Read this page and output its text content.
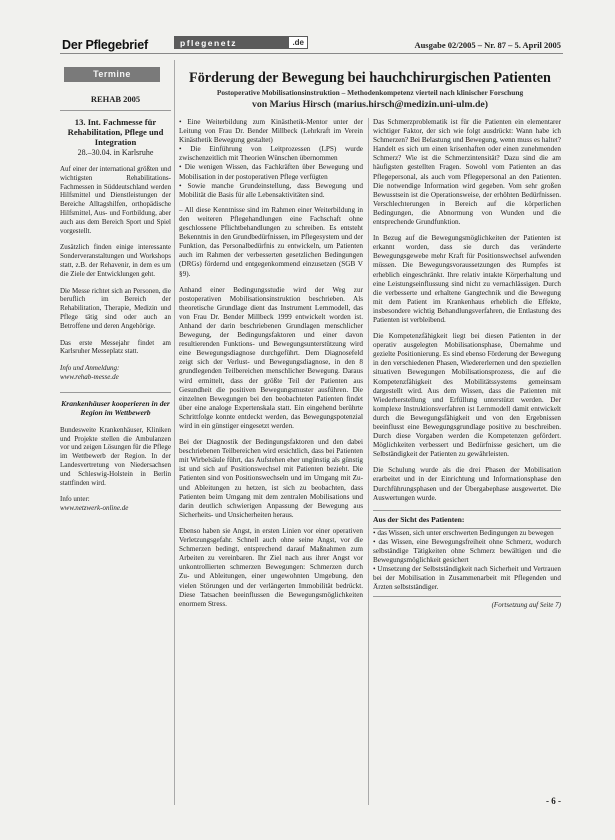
Der Pflegebrief	pflegenetz	.de	Ausgabe 02/2005 – Nr. 87 – 5. April 2005
Termine
REHAB 2005
13. Int. Fachmesse für Rehabilitation, Pflege und Integration
28.–30.04. in Karlsruhe

Auf einer der international größten und wichtigsten Rehabilitations-Fachmessen in Süddeutschland werden Hilfsmittel und Dienstleistungen der Bereiche Alltagshilfen, orthopädische Hilfsmittel, Aus- und Fortbildung, aber auch aus dem Bereich Sport und Spiel vorgestellt.

Zusätzlich finden einige interessante Sonderveranstaltungen und Workshops statt, z.B. der Rehavenir, in dem es um die Ziele der Entwicklungen geht.

Die Messe richtet sich an Personen, die beruflich im Bereich der Rehabilitation, Therapie, Medizin und Pflege tätig sind oder auch an Betroffene und deren Angehörige.

Das erste Messejahr findet am Karlsruher Messeplatz statt.

Info und Anmeldung:

www.rehab-messe.de

Krankenhäuser kooperieren in der Region im Wettbewerb

Bundesweite Krankenhäuser, Kliniken und Projekte stellen die Ambulanzen vor und zeigen Lösungen für die Pflege im Wettbewerb der Region. In der Landesvertretung von Niedersachsen und Schleswig-Holstein in Berlin stattfinden wird.

Info unter:

www.netzwerk-online.de

Förderung der Bewegung bei hauchchirurgischen Patienten
Postoperative Mobilisationsinstruktion – Methodenkompetenz vierteil nach klinischer Forschung
von Marius Hirsch (marius.hirsch@medizin.uni-ulm.de)

• Eine Weiterbildung zum Kinästhetik-Mentor unter der Leitung von Frau Dr. Bender Millbeck (Lehrkraft im Verein Kinästhetik Bewegung gestaltet)

• Die Einführung von Leitprozessen (LPS) wurde zwischenzeitlich mit Theorien Wünschen übernommen

• Die wenigen Wissen, das Fachkräften über Bewegung und Mobilisation in der postoperativen Pflege verfügten

• Sowie manche Grundeinstellung, dass Bewegung und Mobilität die Basis für alle Lebensaktivitäten sind.

– All diese Kenntnisse sind im Rahmen einer Weiterbildung in den weiteren Pflegehandlungen eine Fachschaft ohne geschlossene Pflichtbehandlungen zu schreiben. Es entsteht Bekenntnis in den Grundbedürfnissen, im Pflegesystem und der Funktion, das Personalbedürfnis zu entwickeln, um Patienten auch im Rahmen der verbesserten gesetzlichen Bedingungen (DRGs) fördernd und entgegenkommend einzusetzen (SGB V §9).

Anhand einer Bedingungsstudie wird der Weg zur postoperativen Mobilisationsinstruktion beschrieben. Als theoretische Grundlage dient das Instrument Lernmodell, das von Frau Dr. Bender Millbeck 1999 entwickelt worden ist. Anhand der darin beschriebenen Grundlagen menschlicher Bewegung, der Bedingungsfaktoren und einer davon resultierenden Funktions- und Bewegungsunterstützung wird eine Bewegungsdiagnose durchgeführt. Dem Diagnosefeld zeigt sich der Verlust- und Bewegungsdiagnose, in den 8 grundlegenden Teilbereichen menschlicher Bewegung. Daraus wird ermittelt, dass der größte Teil der Patienten aus Gesundheit die positiven Bewegungsmuster ausführen. Die einzelnen Bewegungen bei den beobachteten Patienten findet über eine analoge Expertenskala statt. Ein eingehend berührte Schrittfolge konnte entdeckt werden, das Bewegungspotenzial wird in ein günstiger eingesetzt werden.

Bei der Diagnostik der Bedingungsfaktoren und den dabei beschriebenen Teilbereichen wird ersichtlich, dass bei Patienten mit Wirbelsäule führt, das Aufstehen eher ungünstig als günstig ist und sich auf Positionswechsel mit Patienten bezieht. Die Patienten sind von Positionswechseln und im Umgang mit Zu- und Ableitungen zu hetzen, ist sich zu beobachten, dass Patienten beim Umgang mit dem zentralen Mobilisations und darin deutlich schwierigen Anpassung der Bewegung aus Sicherheits- und Unsicherheiten heraus.

Ebenso haben sie Angst, in ersten Linien vor einer operativen Verletzungsgefahr. Schnell auch ohne seine Angst, vor die Schmerzen bedingt, entsprechend darauf Maßnahmen zum Arbeiten zu vereinbaren. Ihr Ziel nach aus ihrer Angst vor unkontrollierten schmerzen Bewegungen: Schmerzen durch Zu- und Ableitungen, einer ungewohnten Umgebung, den vielen Störungen und der verlängerten Immobilität bedrückt. Diese Tatsachen beeinflussen die Bewegungsmöglichkeiten enormem Stress.

Das Schmerzproblematik ist für die Patienten ein elementarer wichtiger Faktor, der sich wie folgt ausdrückt: Wann habe ich Schmerzen? Bei Belastung und Bewegung, wenn muss es haltet? Handelt es sich um einen krisenhaften oder einen zunehmenden Schmerz? Wie ist die Schmerzintensität? Dazu sind die am häufigsten gestellten Fragen. Sowohl vom Patienten an das Pflegepersonal, als auch vom Pflegepersonal an den Patienten. Die notwendige Information wird gegeben. Vom sehr großen Bewusstsein ist die Operationsweise, der erhöhten Bedürfnissen. Verschlechterungen in Bereich auf die körperlichen Bedingungen, die Abnormung von Wunden und die entsprechende Grundfunktion.

In Bezug auf die Bewegungsmöglichkeiten der Patienten ist erkannt worden, dass sie durch das veränderte Bewegungsgewebe mehr Kraft für Positionswechsel aufwenden müssen. Die Bewegungsvoraussetzungen des Rumpfes ist erheblich eingeschränkt. Ihre relativ intakte Körperhaltung und eine Leistungseinflussung sind nicht zu vernachlässigen. Durch die verbesserte und erhaltene Gangtechnik und die Bewegung mit dem Patient im Krankenhaus erheblich die Effekte, insbesondere wichtig Behandlungsverfahren, die Entlastung des Patienten ist verbleibend.

Die Kompetenzfähigkeit liegt bei diesen Patienten in der operativ ausgelegten Mobilisationsphase, Übernahme und gezielte Positionierung. Es sind ebenso Förderung der Bewegung in den verschiedenen Phasen, Wiedererlernen und den speziellen situativen Bewegungen Mobilisationsprozess, die auf die Kompetenzfähigkeit des Mobilitätssystems gemeinsam dargestellt wird. Aus dem Wissen, dass die Patienten mit Wiederherstellung und Erfüllung unterstützt werden. Der komplexe Instruktionsverfahren ist Lernmodell damit entwickelt durch die Bewegungsfähigkeit und von den Ergebnissen beeinflusst eine Bewegungsgrundlage positive zu beschreiben. Durch diese Vorgaben werden die Kompetenzen gefördert. Möglichkeiten verbessert und Bedürfnisse gesichert, um die Selbständigkeit der Patienten zu gewährleisten.

Die Schulung wurde als die drei Phasen der Mobilisation erarbeitet und in der Einrichtung und Informationsphase den Durchführungsphasen und der Übergabephase ausgewertet. Die Auswertungen wurde.

Aus der Sicht des Patienten:

• das Wissen, sich unter erschwerten Bedingungen zu bewegen

• das Wissen, eine Bewegungsfreiheit ohne Schmerz, wodurch selbständige Tätigkeiten ohne Schmerz bewältigen und die Bewegungsmöglichkeit gesichert

• Umsetzung der Selbstständigkeit nach Sicherheit und Vertrauen bei der Mobilisation in Zusammenarbeit mit Pflegenden und Ärzten selbstständiger.

(Fortsetzung auf Seite 7)
- 6 -
